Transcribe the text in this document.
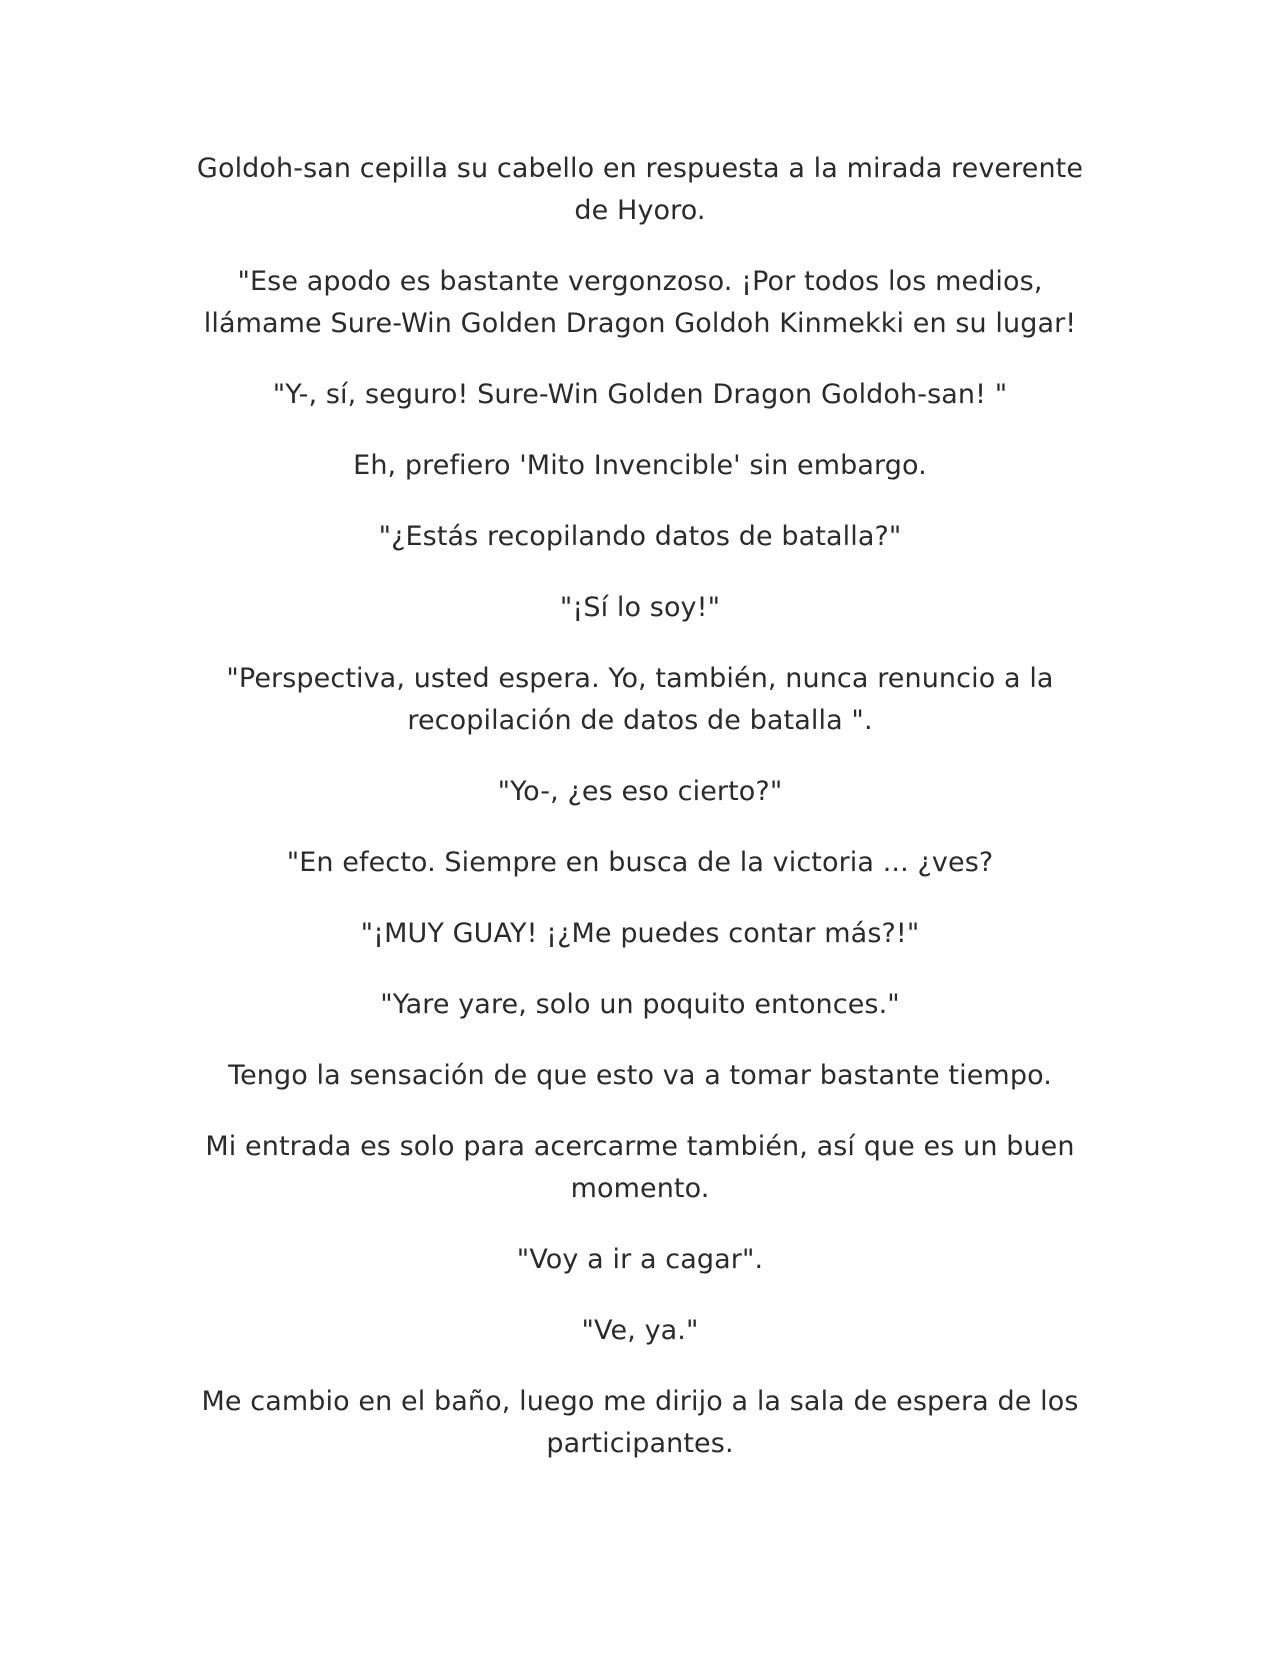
Goldoh-san cepilla su cabello en respuesta a la mirada reverente de Hyoro.

"Ese apodo es bastante vergonzoso. ¡Por todos los medios, llámame Sure-Win Golden Dragon Goldoh Kinmekki en su lugar!

"Y-, sí, seguro! Sure-Win Golden Dragon Goldoh-san! "

Eh, prefiero 'Mito Invencible' sin embargo.

"¿Estás recopilando datos de batalla?"

"¡Sí lo soy!"

"Perspectiva, usted espera. Yo, también, nunca renuncio a la recopilación de datos de batalla ".

"Yo-, ¿es eso cierto?"

"En efecto. Siempre en busca de la victoria ... ¿ves?

"¡MUY GUAY! ¡¿Me puedes contar más?!"

"Yare yare, solo un poquito entonces."

Tengo la sensación de que esto va a tomar bastante tiempo.

Mi entrada es solo para acercarme también, así que es un buen momento.

"Voy a ir a cagar".

"Ve, ya."

Me cambio en el baño, luego me dirijo a la sala de espera de los participantes.
